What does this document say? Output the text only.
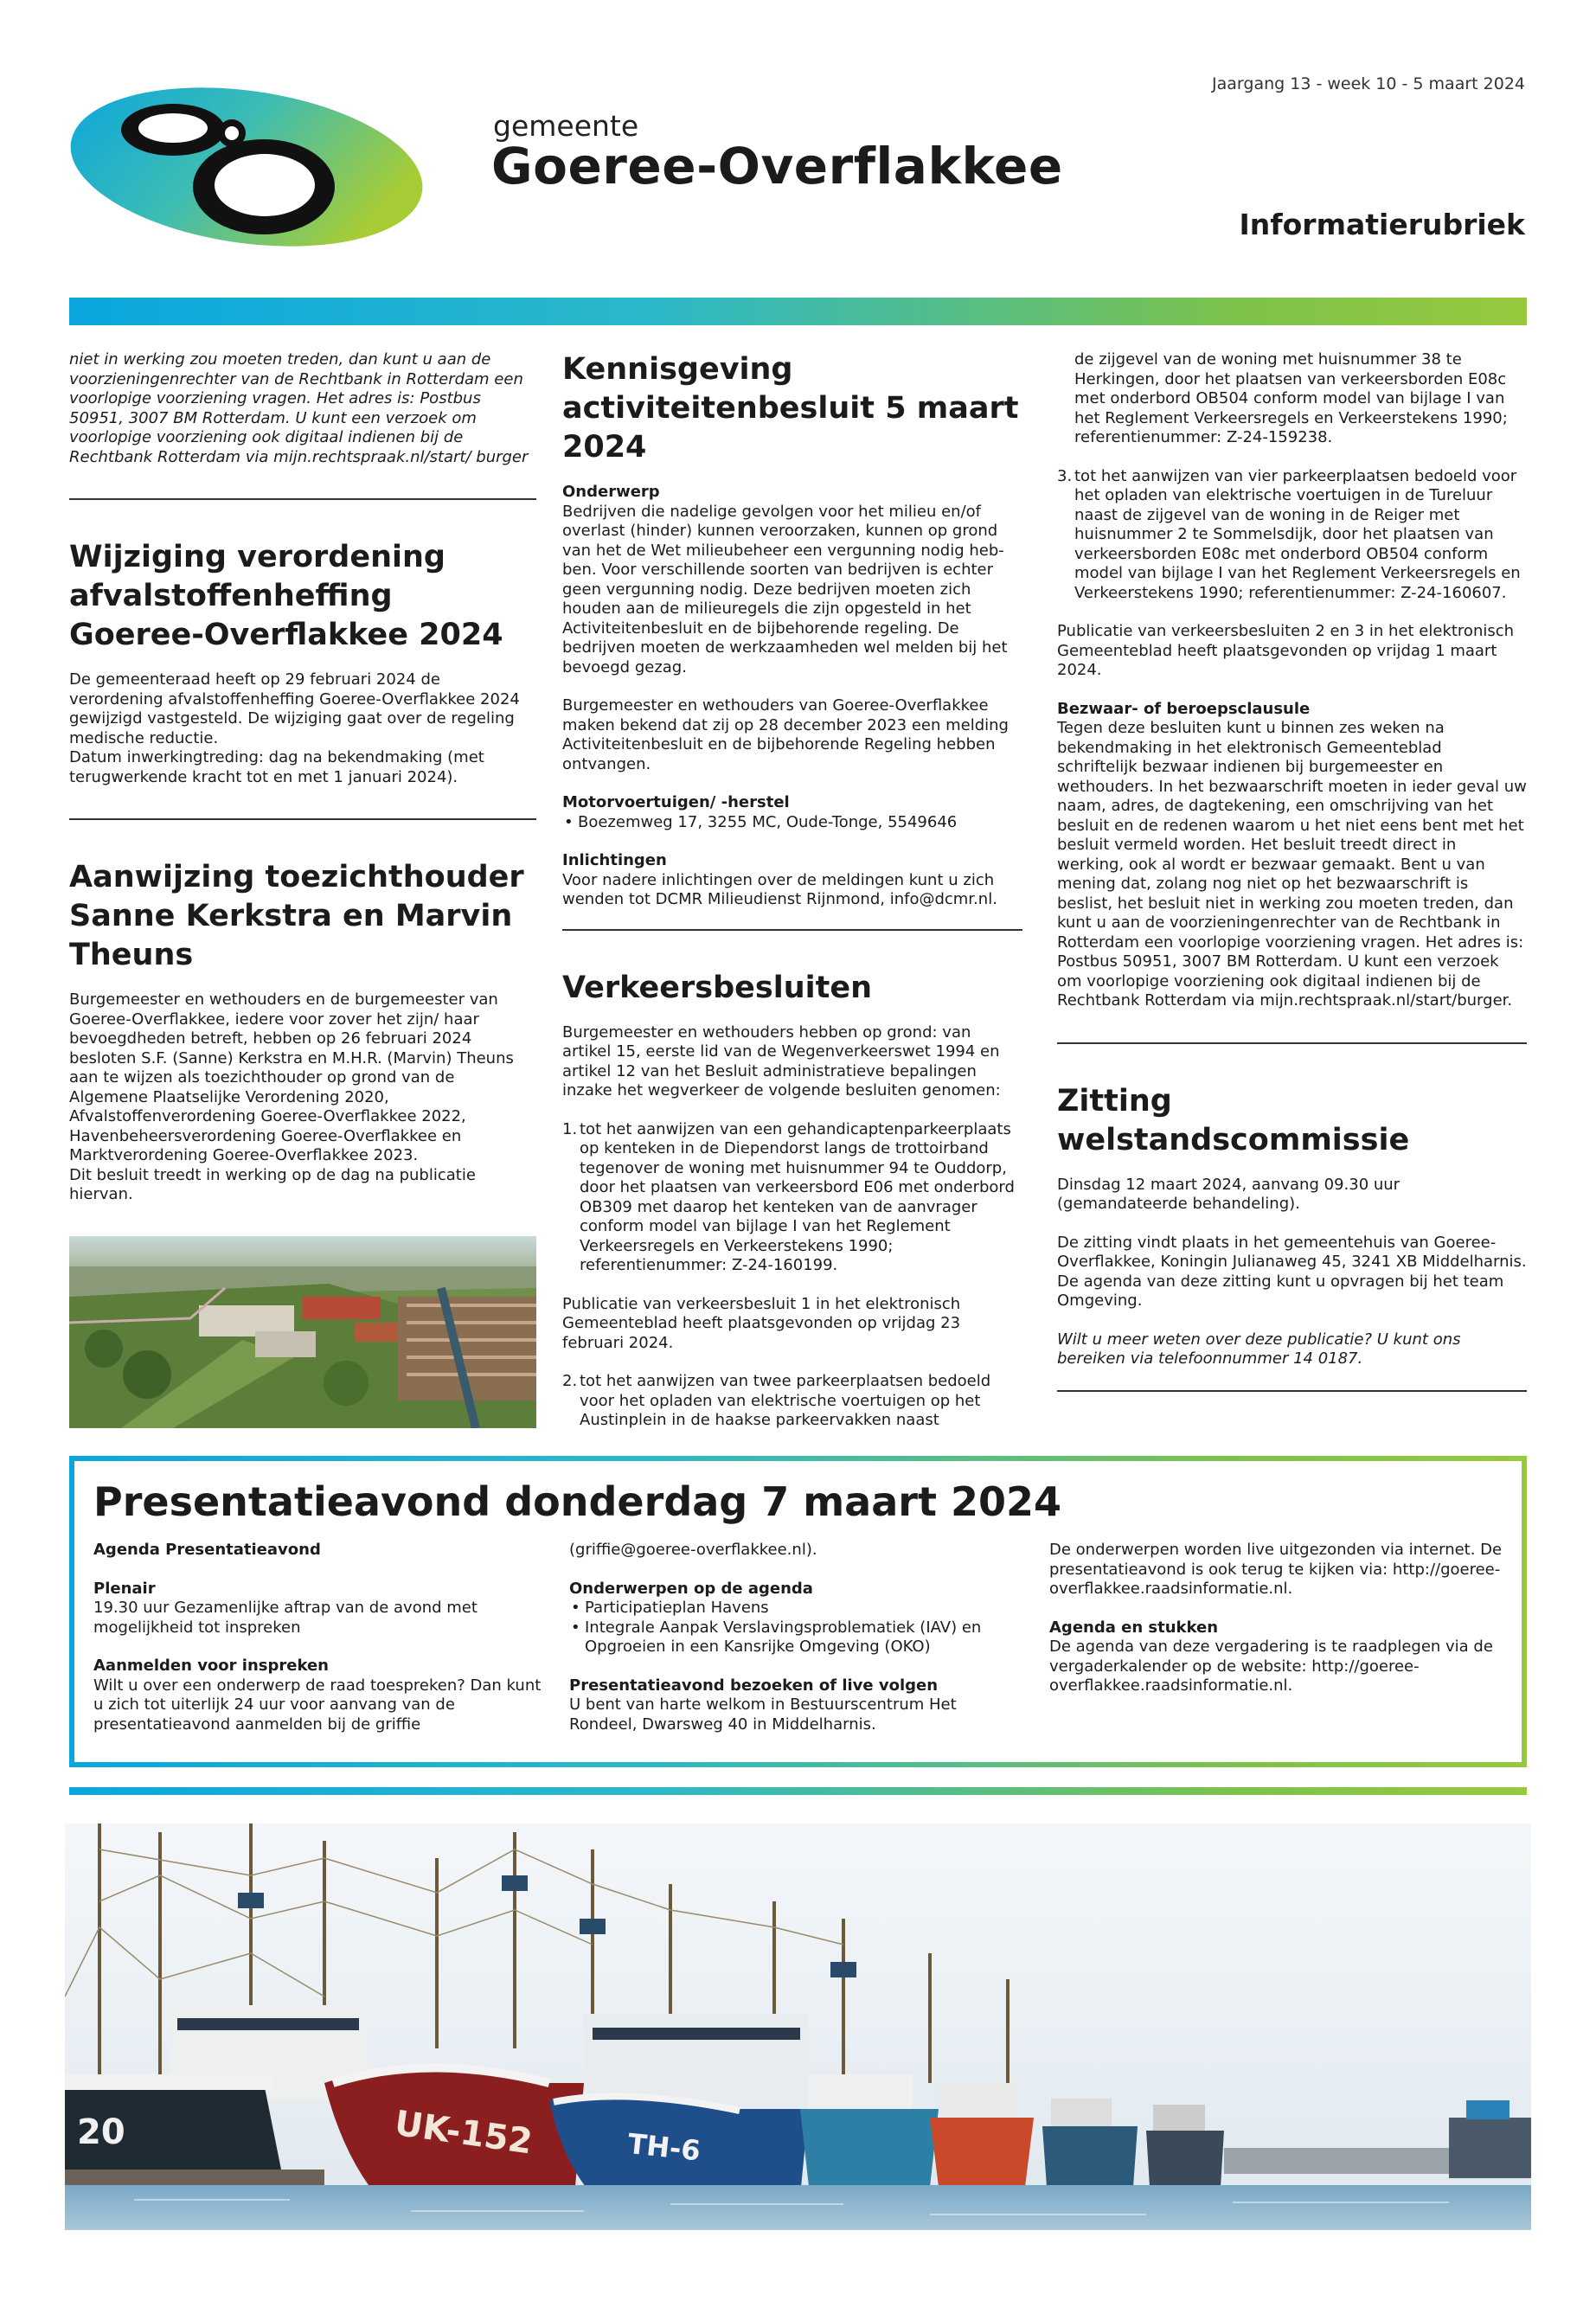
Jaargang 13 - week 10 - 5 maart 2024
gemeente
Goeree-Overflakkee
Informatierubriek

niet in werking zou moeten treden, dan kunt u aan de voorzieningenrechter van de Rechtbank in Rotterdam een voorlopige voorziening vragen. Het adres is: Postbus 50951, 3007 BM Rotterdam. U kunt een verzoek om voorlopige voorziening ook digitaal indienen bij de Rechtbank Rotterdam via mijn.rechtspraak.nl/start/ burger

Wijziging verordening afvalstoffenheffing Goeree-Overflakkee 2024

De gemeenteraad heeft op 29 februari 2024 de verordening afvalstoffenheffing Goeree-Overflakkee 2024 gewijzigd vastgesteld. De wijziging gaat over de regeling medische reductie.
Datum inwerkingtreding: dag na bekendmaking (met terugwerkende kracht tot en met 1 januari 2024).

Aanwijzing toezichthouder Sanne Kerkstra en Marvin Theuns

Burgemeester en wethouders en de burgemeester van Goeree-Overflakkee, iedere voor zover het zijn/ haar bevoegdheden betreft, hebben op 26 februari 2024 besloten S.F. (Sanne) Kerkstra en M.H.R. (Marvin) Theuns aan te wijzen als toezichthouder op grond van de Algemene Plaatselijke Verordening 2020, Afvalstoffenverordening Goeree-Overflakkee 2022, Havenbeheersverordening Goeree-Overflakkee en Marktverordening Goeree-Overflakkee 2023.
Dit besluit treedt in werking op de dag na publicatie hiervan.

Kennisgeving activiteitenbesluit 5 maart 2024

Onderwerp
Bedrijven die nadelige gevolgen voor het milieu en/of overlast (hinder) kunnen veroorzaken, kunnen op grond van het de Wet milieubeheer een vergunning nodig heb-ben. Voor verschillende soorten van bedrijven is echter geen vergunning nodig. Deze bedrijven moeten zich houden aan de milieuregels die zijn opgesteld in het Activiteitenbesluit en de bijbehorende regeling. De bedrijven moeten de werkzaamheden wel melden bij het bevoegd gezag.

Burgemeester en wethouders van Goeree-Overflakkee maken bekend dat zij op 28 december 2023 een melding Activiteitenbesluit en de bijbehorende Regeling hebben ontvangen.

Motorvoertuigen/ -herstel
• Boezemweg 17, 3255 MC, Oude-Tonge, 5549646

Inlichtingen
Voor nadere inlichtingen over de meldingen kunt u zich wenden tot DCMR Milieudienst Rijnmond, info@dcmr.nl.

Verkeersbesluiten

Burgemeester en wethouders hebben op grond: van artikel 15, eerste lid van de Wegenverkeerswet 1994 en artikel 12 van het Besluit administratieve bepalingen inzake het wegverkeer de volgende besluiten genomen:

1. tot het aanwijzen van een gehandicaptenparkeerplaats op kenteken in de Diependorst langs de trottoirband tegenover de woning met huisnummer 94 te Ouddorp, door het plaatsen van verkeersbord E06 met onderbord OB309 met daarop het kenteken van de aanvrager conform model van bijlage I van het Reglement Verkeersregels en Verkeerstekens 1990; referentienummer: Z-24-160199.

Publicatie van verkeersbesluit 1 in het elektronisch Gemeenteblad heeft plaatsgevonden op vrijdag 23 februari 2024.

2. tot het aanwijzen van twee parkeerplaatsen bedoeld voor het opladen van elektrische voertuigen op het Austinplein in de haakse parkeervakken naast

de zijgevel van de woning met huisnummer 38 te Herkingen, door het plaatsen van verkeersborden E08c met onderbord OB504 conform model van bijlage I van het Reglement Verkeersregels en Verkeerstekens 1990; referentienummer: Z-24-159238.

3. tot het aanwijzen van vier parkeerplaatsen bedoeld voor het opladen van elektrische voertuigen in de Tureluur naast de zijgevel van de woning in de Reiger met huisnummer 2 te Sommelsdijk, door het plaatsen van verkeersborden E08c met onderbord OB504 conform model van bijlage I van het Reglement Verkeersregels en Verkeerstekens 1990; referentienummer: Z-24-160607.

Publicatie van verkeersbesluiten 2 en 3 in het elektronisch Gemeenteblad heeft plaatsgevonden op vrijdag 1 maart 2024.

Bezwaar- of beroepsclausule
Tegen deze besluiten kunt u binnen zes weken na bekendmaking in het elektronisch Gemeenteblad schriftelijk bezwaar indienen bij burgemeester en wethouders. In het bezwaarschrift moeten in ieder geval uw naam, adres, de dagtekening, een omschrijving van het besluit en de redenen waarom u het niet eens bent met het besluit vermeld worden. Het besluit treedt direct in werking, ook al wordt er bezwaar gemaakt. Bent u van mening dat, zolang nog niet op het bezwaarschrift is beslist, het besluit niet in werking zou moeten treden, dan kunt u aan de voorzieningenrechter van de Rechtbank in Rotterdam een voorlopige voorziening vragen. Het adres is: Postbus 50951, 3007 BM Rotterdam. U kunt een verzoek om voorlopige voorziening ook digitaal indienen bij de Rechtbank Rotterdam via mijn.rechtspraak.nl/start/burger.

Zitting welstandscommissie

Dinsdag 12 maart 2024, aanvang 09.30 uur (gemandateerde behandeling).

De zitting vindt plaats in het gemeentehuis van Goeree-Overflakkee, Koningin Julianaweg 45, 3241 XB Middelharnis. De agenda van deze zitting kunt u opvragen bij het team Omgeving.

Wilt u meer weten over deze publicatie? U kunt ons bereiken via telefoonnummer 14 0187.

Presentatieavond donderdag 7 maart 2024

Agenda Presentatieavond

Plenair
19.30 uur Gezamenlijke aftrap van de avond met mogelijkheid tot inspreken

Aanmelden voor inspreken
Wilt u over een onderwerp de raad toespreken? Dan kunt u zich tot uiterlijk 24 uur voor aanvang van de presentatieavond aanmelden bij de griffie

(griffie@goeree-overflakkee.nl).

Onderwerpen op de agenda
• Participatieplan Havens
• Integrale Aanpak Verslavingsproblematiek (IAV) en Opgroeien in een Kansrijke Omgeving (OKO)

Presentatieavond bezoeken of live volgen
U bent van harte welkom in Bestuurscentrum Het Rondeel, Dwarsweg 40 in Middelharnis.

De onderwerpen worden live uitgezonden via internet. De presentatieavond is ook terug te kijken via: http://goeree-overflakkee.raadsinformatie.nl.

Agenda en stukken
De agenda van deze vergadering is te raadplegen via de vergaderkalender op de website: http://goeree-overflakkee.raadsinformatie.nl.

20	UK-152	TH-6
